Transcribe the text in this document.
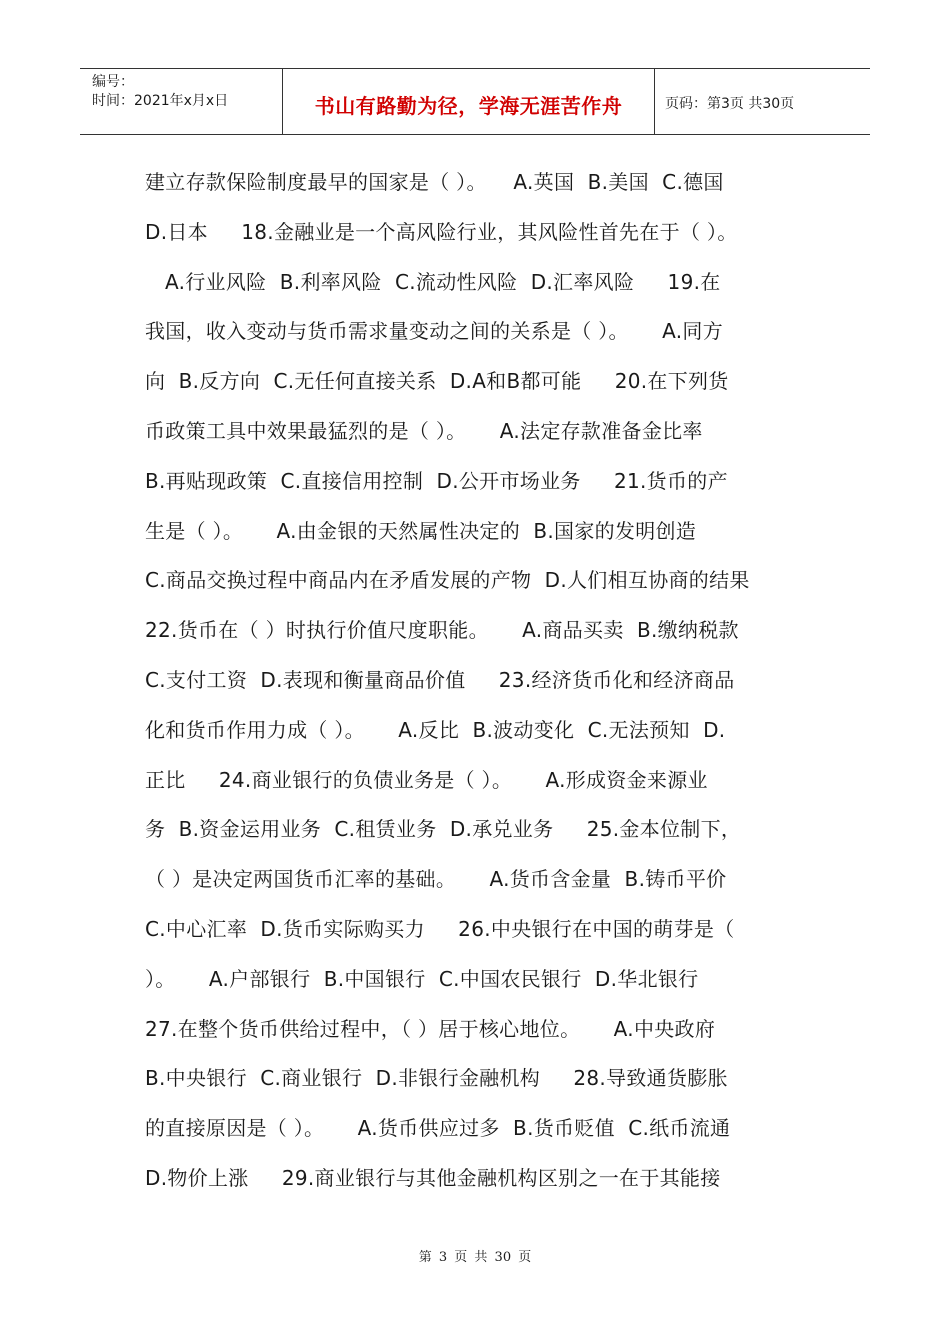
编号：
时间：2021年x月x日	书山有路勤为径，学海无涯苦作舟	页码：第3页 共30页
建立存款保险制度最早的国家是（ ）。    A.英国  B.美国  C.德国
D.日本     18.金融业是一个高风险行业，其风险性首先在于（ ）。
A.行业风险  B.利率风险  C.流动性风险  D.汇率风险     19.在
我国，收入变动与货币需求量变动之间的关系是（ ）。     A.同方
向  B.反方向  C.无任何直接关系  D.A和B都可能     20.在下列货
币政策工具中效果最猛烈的是（ ）。     A.法定存款准备金比率
B.再贴现政策  C.直接信用控制  D.公开市场业务     21.货币的产
生是（ ）。     A.由金银的天然属性决定的  B.国家的发明创造
C.商品交换过程中商品内在矛盾发展的产物  D.人们相互协商的结果
22.货币在（ ）时执行价值尺度职能。     A.商品买卖  B.缴纳税款
C.支付工资  D.表现和衡量商品价值     23.经济货币化和经济商品
化和货币作用力成（ ）。     A.反比  B.波动变化  C.无法预知  D.
正比     24.商业银行的负债业务是（ ）。     A.形成资金来源业
务  B.资金运用业务  C.租赁业务  D.承兑业务     25.金本位制下，
（ ）是决定两国货币汇率的基础。     A.货币含金量  B.铸币平价
C.中心汇率  D.货币实际购买力     26.中央银行在中国的萌芽是（
）。     A.户部银行  B.中国银行  C.中国农民银行  D.华北银行
27.在整个货币供给过程中，（ ）居于核心地位。     A.中央政府
B.中央银行  C.商业银行  D.非银行金融机构     28.导致通货膨胀
的直接原因是（ ）。     A.货币供应过多  B.货币贬值  C.纸币流通
D.物价上涨     29.商业银行与其他金融机构区别之一在于其能接
第 3 页 共 30 页
